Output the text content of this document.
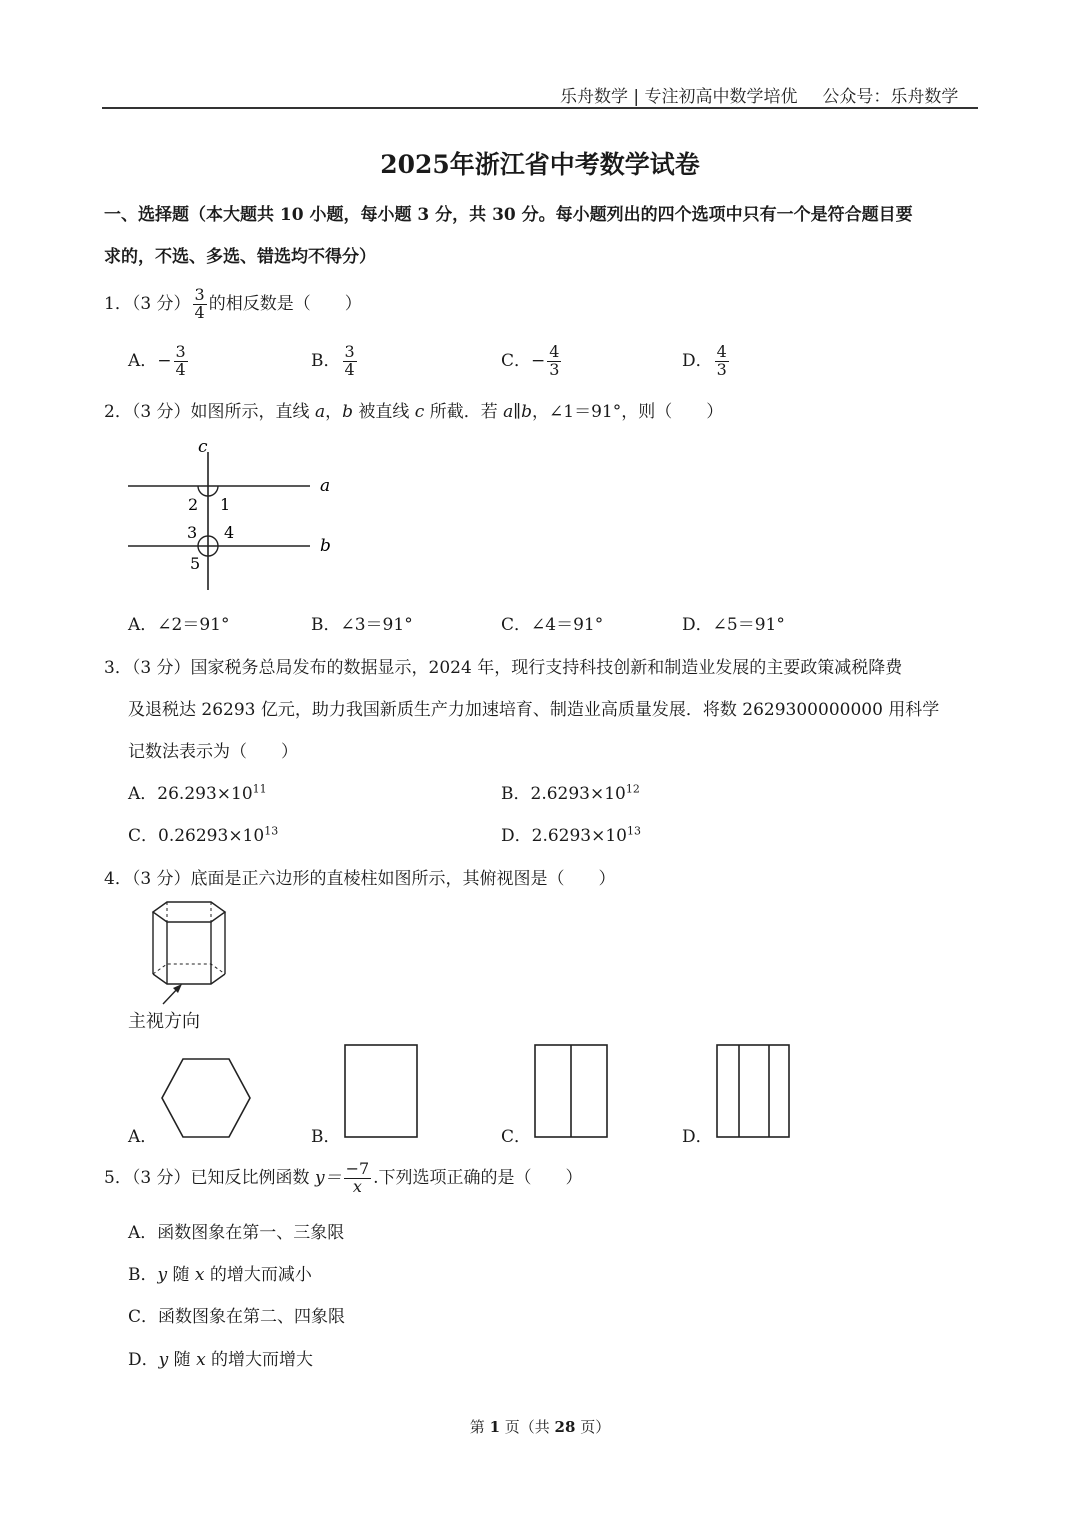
乐舟数学 | 专注初高中数学培优 公众号：乐舟数学
2025年浙江省中考数学试卷
一、选择题（本大题共 10 小题，每小题 3 分，共 30 分。每小题列出的四个选项中只有一个是符合题目要
求的，不选、多选、错选均不得分）
1．（3 分） $\frac{3}{4}$ 的相反数是（　　）
A．− $\frac{3}{4}$	B． $\frac{3}{4}$	C．− $\frac{4}{3}$	D． $\frac{4}{3}$
2．（3 分）如图所示，直线 a，b 被直线 c 所截．若 a∥b，∠1＝91°，则（　　）
c
a
b
2 1
3 4
5
A．∠2＝91°	B．∠3＝91°	C．∠4＝91°	D．∠5＝91°
3．（3 分）国家税务总局发布的数据显示，2024 年，现行支持科技创新和制造业发展的主要政策减税降费
及退税达 26293 亿元，助力我国新质生产力加速培育、制造业高质量发展．将数 2629300000000 用科学
记数法表示为（　　）
A．$26.293\times 10^{11}$	B．$2.6293\times 10^{12}$
C．$0.26293\times 10^{13}$	D．$2.6293\times 10^{13}$
4．（3 分）底面是正六边形的直棱柱如图所示，其俯视图是（　　）
主视方向
A．	B．	C．	D．
5．（3 分）已知反比例函数 $y= \frac{-7}{x}$ .下列选项正确的是（　　）
A．函数图象在第一、三象限
B．y 随 x 的增大而减小
C．函数图象在第二、四象限
D．y 随 x 的增大而增大
第 1 页（共 28 页）
